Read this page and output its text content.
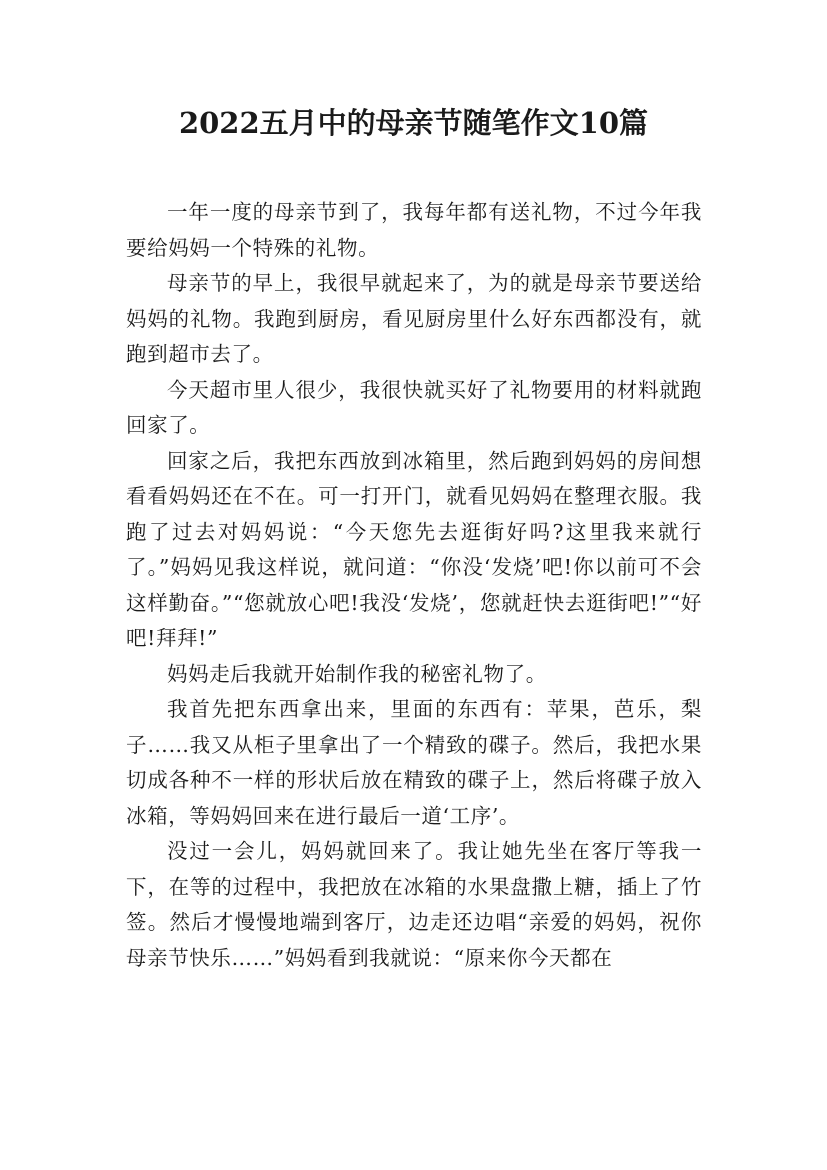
2022五月中的母亲节随笔作文10篇

一年一度的母亲节到了，我每年都有送礼物，不过今年我要给妈妈一个特殊的礼物。

母亲节的早上，我很早就起来了，为的就是母亲节要送给妈妈的礼物。我跑到厨房，看见厨房里什么好东西都没有，就跑到超市去了。

今天超市里人很少，我很快就买好了礼物要用的材料就跑回家了。

回家之后，我把东西放到冰箱里，然后跑到妈妈的房间想看看妈妈还在不在。可一打开门，就看见妈妈在整理衣服。我跑了过去对妈妈说：“今天您先去逛街好吗?这里我来就行了。”妈妈见我这样说，就问道：“你没‘发烧’吧!你以前可不会这样勤奋。”“您就放心吧!我没‘发烧’，您就赶快去逛街吧!”“好吧!拜拜!”

妈妈走后我就开始制作我的秘密礼物了。

我首先把东西拿出来，里面的东西有：苹果，芭乐，梨子……我又从柜子里拿出了一个精致的碟子。然后，我把水果切成各种不一样的形状后放在精致的碟子上，然后将碟子放入冰箱，等妈妈回来在进行最后一道‘工序’。

没过一会儿，妈妈就回来了。我让她先坐在客厅等我一下，在等的过程中，我把放在冰箱的水果盘撒上糖，插上了竹签。然后才慢慢地端到客厅，边走还边唱“亲爱的妈妈，祝你母亲节快乐……”妈妈看到我就说：“原来你今天都在
